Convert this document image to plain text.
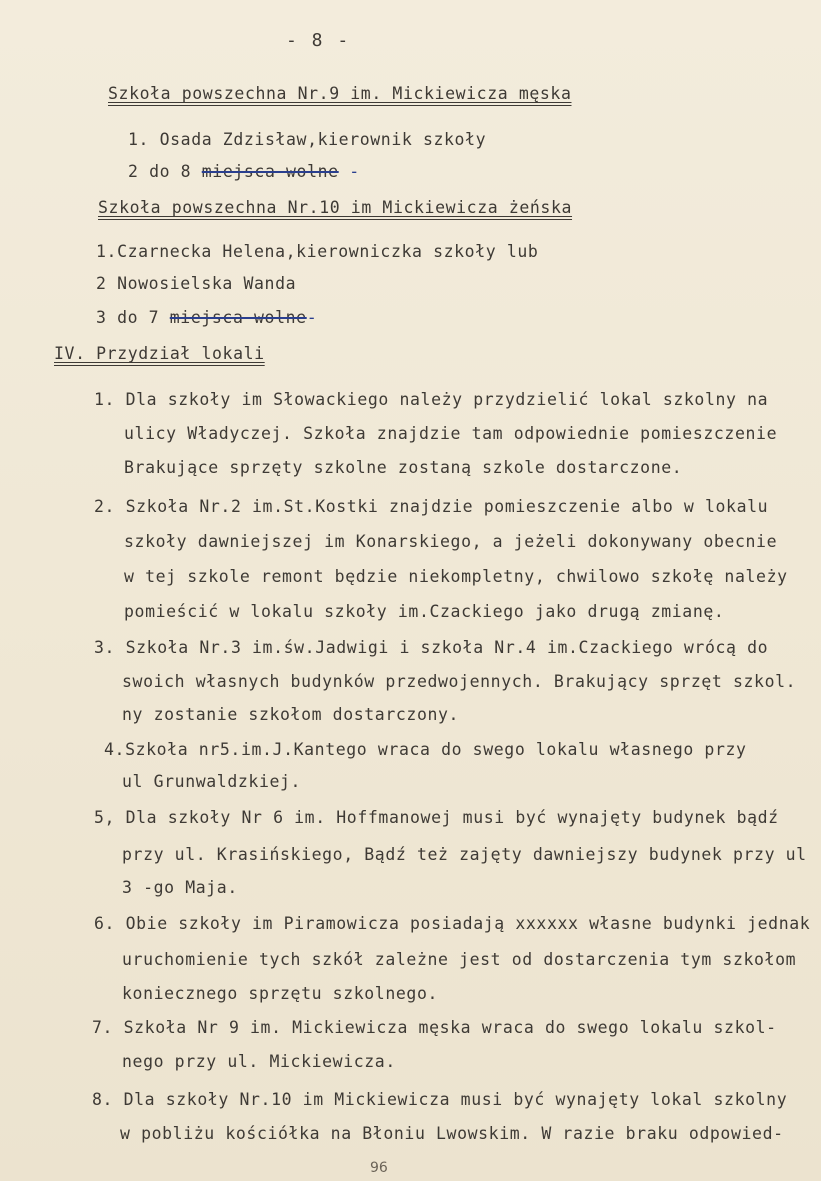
- 8 -
Szkoła powszechna Nr.9 im. Mickiewicza męska
1. Osada Zdzisław,kierownik szkoły
2 do 8 miejsca wolne -
Szkoła powszechna Nr.10 im Mickiewicza żeńska
1.Czarnecka Helena,kierowniczka szkoły lub
2 Nowosielska Wanda
3 do 7 miejsca wolne-
IV. Przydział lokali
1. Dla szkoły im Słowackiego należy przydzielić lokal szkolny na
ulicy Władyczej. Szkoła znajdzie tam odpowiednie pomieszczenie
Brakujące sprzęty szkolne zostaną szkole dostarczone.
2. Szkoła Nr.2 im.St.Kostki znajdzie pomieszczenie albo w lokalu
szkoły dawniejszej im Konarskiego, a jeżeli dokonywany obecnie
w tej szkole remont będzie niekompletny, chwilowo szkołę należy
pomieścić w lokalu szkoły im.Czackiego jako drugą zmianę.
3. Szkoła Nr.3 im.św.Jadwigi i szkoła Nr.4 im.Czackiego wrócą do
swoich własnych budynków przedwojennych. Brakujący sprzęt szkol.
ny zostanie szkołom dostarczony.
4.Szkoła nr5.im.J.Kantego wraca do swego lokalu własnego przy
ul Grunwaldzkiej.
5, Dla szkoły Nr 6 im. Hoffmanowej musi być wynajęty budynek bądź
przy ul. Krasińskiego, Bądź też zajęty dawniejszy budynek przy ul
3 -go Maja.
6. Obie szkoły im Piramowicza posiadają xxxxxx własne budynki jednak
uruchomienie tych szkół zależne jest od dostarczenia tym szkołom
koniecznego sprzętu szkolnego.
7. Szkoła Nr 9 im. Mickiewicza męska wraca do swego lokalu szkol-
nego przy ul. Mickiewicza.
8. Dla szkoły Nr.10 im Mickiewicza musi być wynajęty lokal szkolny
w pobliżu kościółka na Błoniu Lwowskim. W razie braku odpowied-
96
